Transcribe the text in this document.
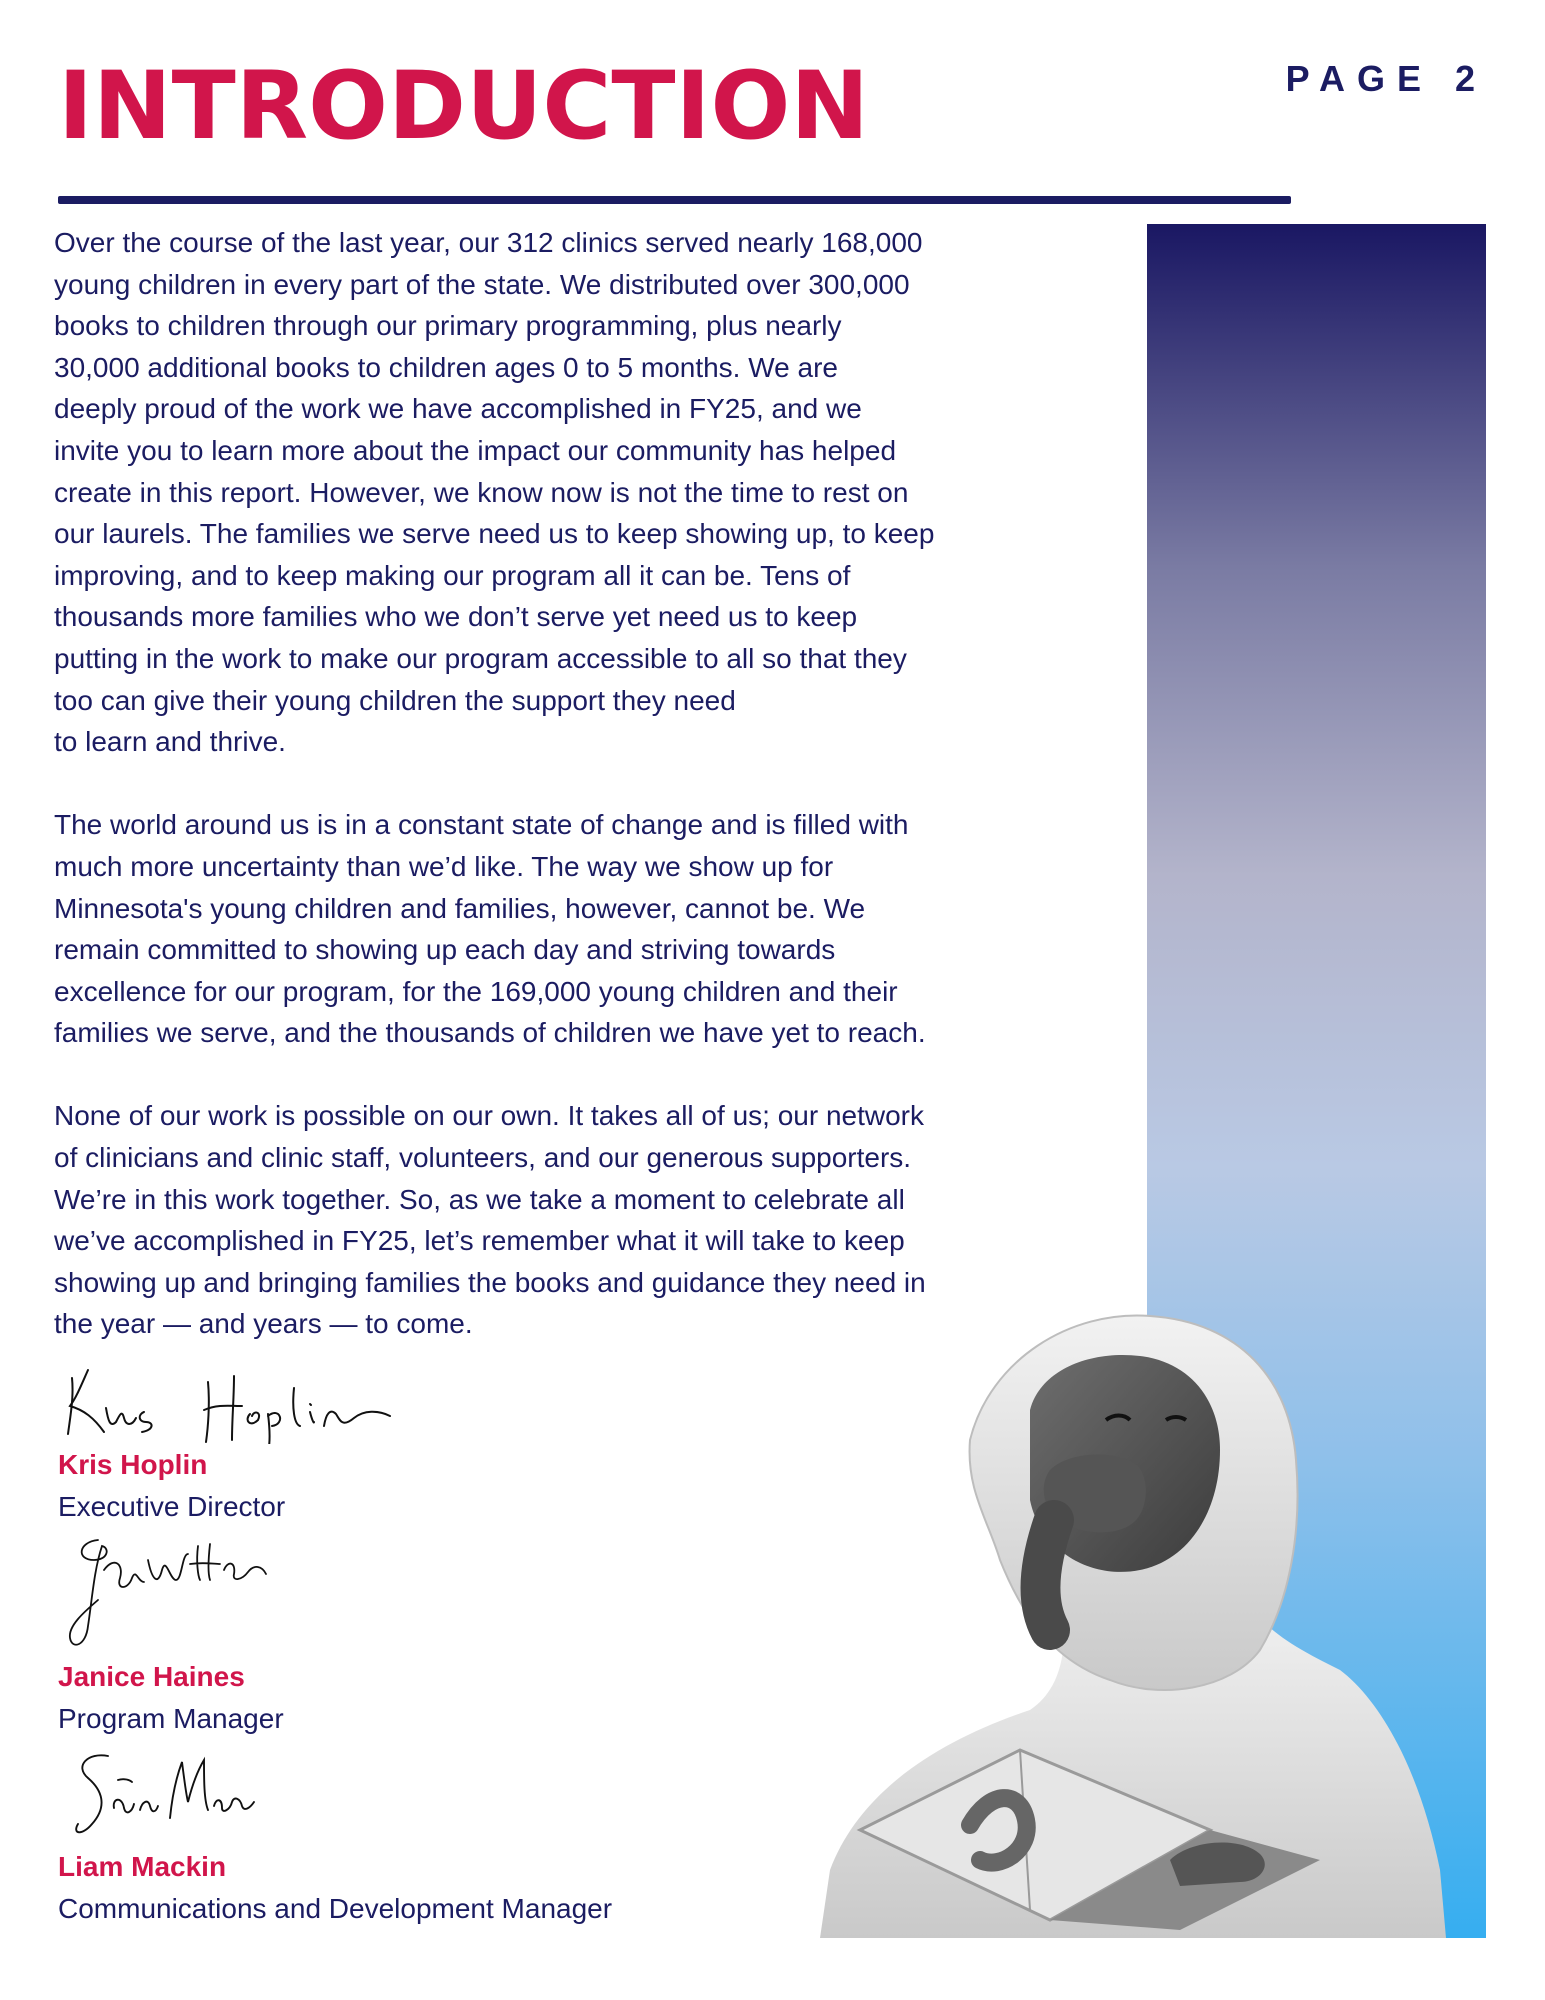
INTRODUCTION	PAGE 2

Over the course of the last year, our 312 clinics served nearly 168,000
young children in every part of the state. We distributed over 300,000
books to children through our primary programming, plus nearly
30,000 additional books to children ages 0 to 5 months. We are
deeply proud of the work we have accomplished in FY25, and we
invite you to learn more about the impact our community has helped
create in this report. However, we know now is not the time to rest on
our laurels. The families we serve need us to keep showing up, to keep
improving, and to keep making our program all it can be. Tens of
thousands more families who we don’t serve yet need us to keep
putting in the work to make our program accessible to all so that they
too can give their young children the support they need
to learn and thrive.

The world around us is in a constant state of change and is filled with
much more uncertainty than we’d like. The way we show up for
Minnesota's young children and families, however, cannot be. We
remain committed to showing up each day and striving towards
excellence for our program, for the 169,000 young children and their
families we serve, and the thousands of children we have yet to reach.

None of our work is possible on our own. It takes all of us; our network
of clinicians and clinic staff, volunteers, and our generous supporters.
We’re in this work together. So, as we take a moment to celebrate all
we’ve accomplished in FY25, let’s remember what it will take to keep
showing up and bringing families the books and guidance they need in
the year — and years — to come.

Kris Hoplin
Executive Director
Janice Haines
Program Manager
Liam Mackin
Communications and Development Manager
